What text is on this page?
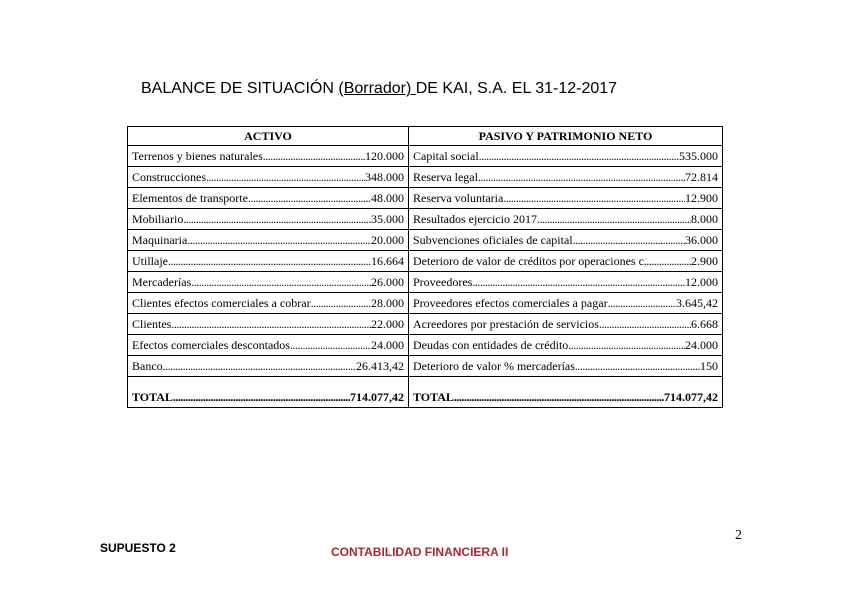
BALANCE DE SITUACIÓN (Borrador) DE KAI, S.A. EL 31-12-2017
ACTIVO	PASIVO Y PATRIMONIO NETO

Terrenos y bienes naturales ..... 120.000	Capital social ..... 535.000

Construcciones ..... 348.000	Reserva legal ..... 72.814

Elementos de transporte ..... 48.000	Reserva voluntaria ..... 12.900

Mobiliario ..... 35.000	Resultados ejercicio 2017 ..... 8.000

Maquinaria ..... 20.000	Subvenciones oficiales de capital ..... 36.000

Utillaje ..... 16.664	Deterioro de valor de créditos por operaciones c ..... 2.900

Mercaderías ..... 26.000	Proveedores ..... 12.000

Clientes efectos comerciales a cobrar ..... 28.000	Proveedores efectos comerciales a pagar ..... 3.645,42

Clientes ..... 22.000	Acreedores por prestación de servicios ..... 6.668

Efectos comerciales descontados ..... 24.000	Deudas con entidades de crédito ..... 24.000

Banco ..... 26.413,42	Deterioro de valor % mercaderías ..... 150

TOTAL ..... 714.077,42	TOTAL ..... 714.077,42
2
SUPUESTO 2	CONTABILIDAD FINANCIERA II
